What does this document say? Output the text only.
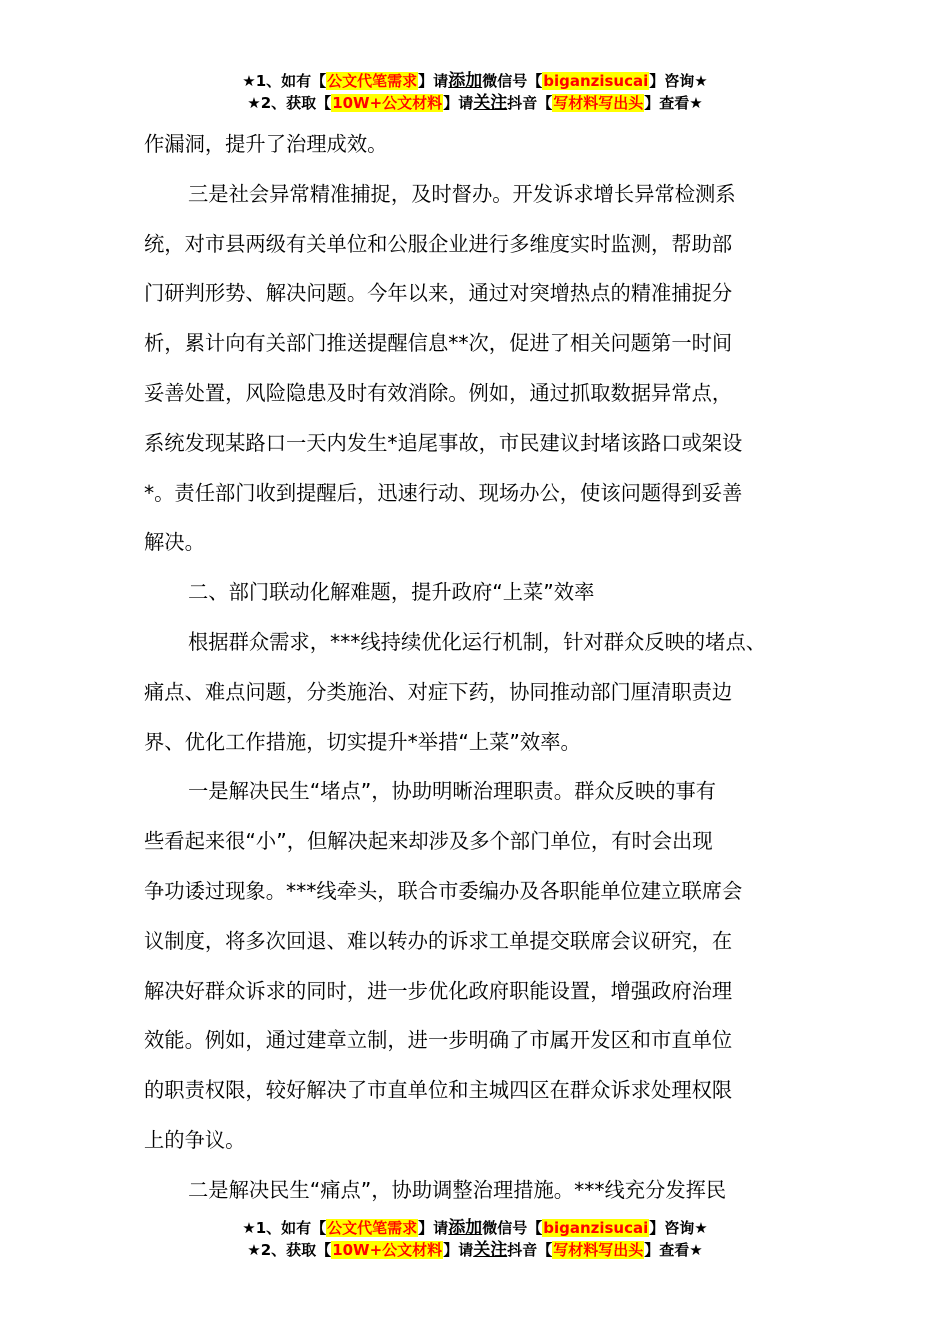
★1、如有【公文代笔需求】请添加微信号【biganzisucai】咨询★
★2、获取【10W+公文材料】请关注抖音【写材料写出头】查看★

作漏洞，提升了治理成效。

三是社会异常精准捕捉，及时督办。开发诉求增长异常检测系

统，对市县两级有关单位和公服企业进行多维度实时监测，帮助部

门研判形势、解决问题。今年以来，通过对突增热点的精准捕捉分

析，累计向有关部门推送提醒信息**次，促进了相关问题第一时间

妥善处置，风险隐患及时有效消除。例如，通过抓取数据异常点，

系统发现某路口一天内发生*追尾事故，市民建议封堵该路口或架设

*。责任部门收到提醒后，迅速行动、现场办公，使该问题得到妥善

解决。

二、部门联动化解难题，提升政府“上菜”效率

根据群众需求，***线持续优化运行机制，针对群众反映的堵点、

痛点、难点问题，分类施治、对症下药，协同推动部门厘清职责边

界、优化工作措施，切实提升*举措“上菜”效率。

一是解决民生“堵点”，协助明晰治理职责。群众反映的事有

些看起来很“小”，但解决起来却涉及多个部门单位，有时会出现

争功诿过现象。***线牵头，联合市委编办及各职能单位建立联席会

议制度，将多次回退、难以转办的诉求工单提交联席会议研究，在

解决好群众诉求的同时，进一步优化政府职能设置，增强政府治理

效能。例如，通过建章立制，进一步明确了市属开发区和市直单位

的职责权限，较好解决了市直单位和主城四区在群众诉求处理权限

上的争议。

二是解决民生“痛点”，协助调整治理措施。***线充分发挥民

★1、如有【公文代笔需求】请添加微信号【biganzisucai】咨询★
★2、获取【10W+公文材料】请关注抖音【写材料写出头】查看★
